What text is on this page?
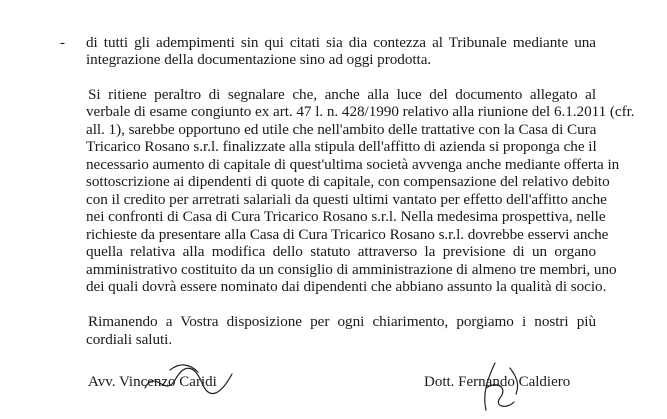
- di tutti gli adempimenti sin qui citati sia dia contezza al Tribunale mediante una
integrazione della documentazione sino ad oggi prodotta.
Si ritiene peraltro di segnalare che, anche alla luce del documento allegato al
verbale di esame congiunto ex art. 47 l. n. 428/1990 relativo alla riunione del 6.1.2011 (cfr.
all. 1), sarebbe opportuno ed utile che nell'ambito delle trattative con la Casa di Cura
Tricarico Rosano s.r.l. finalizzate alla stipula dell'affitto di azienda si proponga che il
necessario aumento di capitale di quest'ultima società avvenga anche mediante offerta in
sottoscrizione ai dipendenti di quote di capitale, con compensazione del relativo debito
con il credito per arretrati salariali da questi ultimi vantato per effetto dell'affitto anche
nei confronti di Casa di Cura Tricarico Rosano s.r.l. Nella medesima prospettiva, nelle
richieste da presentare alla Casa di Cura Tricarico Rosano s.r.l. dovrebbe esservi anche
quella relativa alla modifica dello statuto attraverso la previsione di un organo
amministrativo costituito da un consiglio di amministrazione di almeno tre membri, uno
dei quali dovrà essere nominato dai dipendenti che abbiano assunto la qualità di socio.
Rimanendo a Vostra disposizione per ogni chiarimento, porgiamo i nostri più
cordiali saluti.
Avv. Vincenzo Caridi	Dott. Fernando Caldiero
